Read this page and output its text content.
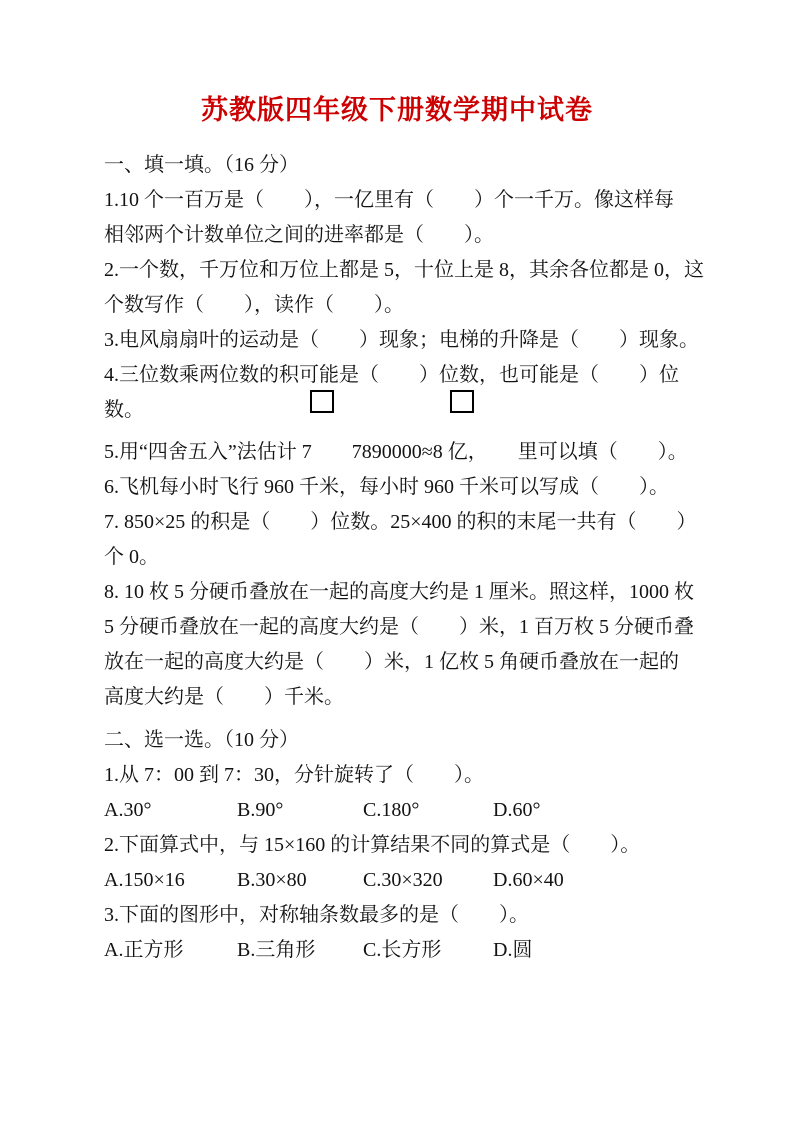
苏教版四年级下册数学期中试卷
一、填一填。（16 分）
1.10 个一百万是（　　），一亿里有（　　）个一千万。像这样每
相邻两个计数单位之间的进率都是（　　）。
2.一个数，千万位和万位上都是 5，十位上是 8，其余各位都是 0，这
个数写作（　　），读作（　　）。
3.电风扇扇叶的运动是（　　）现象；电梯的升降是（　　）现象。
4.三位数乘两位数的积可能是（　　）位数，也可能是（　　）位
数。
5.用“四舍五入”法估计 7　　7890000≈8 亿，　　里可以填（　　）。
6.飞机每小时飞行 960 千米，每小时 960 千米可以写成（　　）。
7. 850×25 的积是（　　）位数。25×400 的积的末尾一共有（　　）
个 0。
8. 10 枚 5 分硬币叠放在一起的高度大约是 1 厘米。照这样，1000 枚
5 分硬币叠放在一起的高度大约是（　　）米，1 百万枚 5 分硬币叠
放在一起的高度大约是（　　）米，1 亿枚 5 角硬币叠放在一起的
高度大约是（　　）千米。
二、选一选。（10 分）
1.从 7：00 到 7：30，分针旋转了（　　）。
A.30°	B.90°	C.180°	D.60°
2.下面算式中，与 15×160 的计算结果不同的算式是（　　）。
A.150×16	B.30×80	C.30×320	D.60×40
3.下面的图形中，对称轴条数最多的是（　　）。
A.正方形	B.三角形	C.长方形	D.圆
